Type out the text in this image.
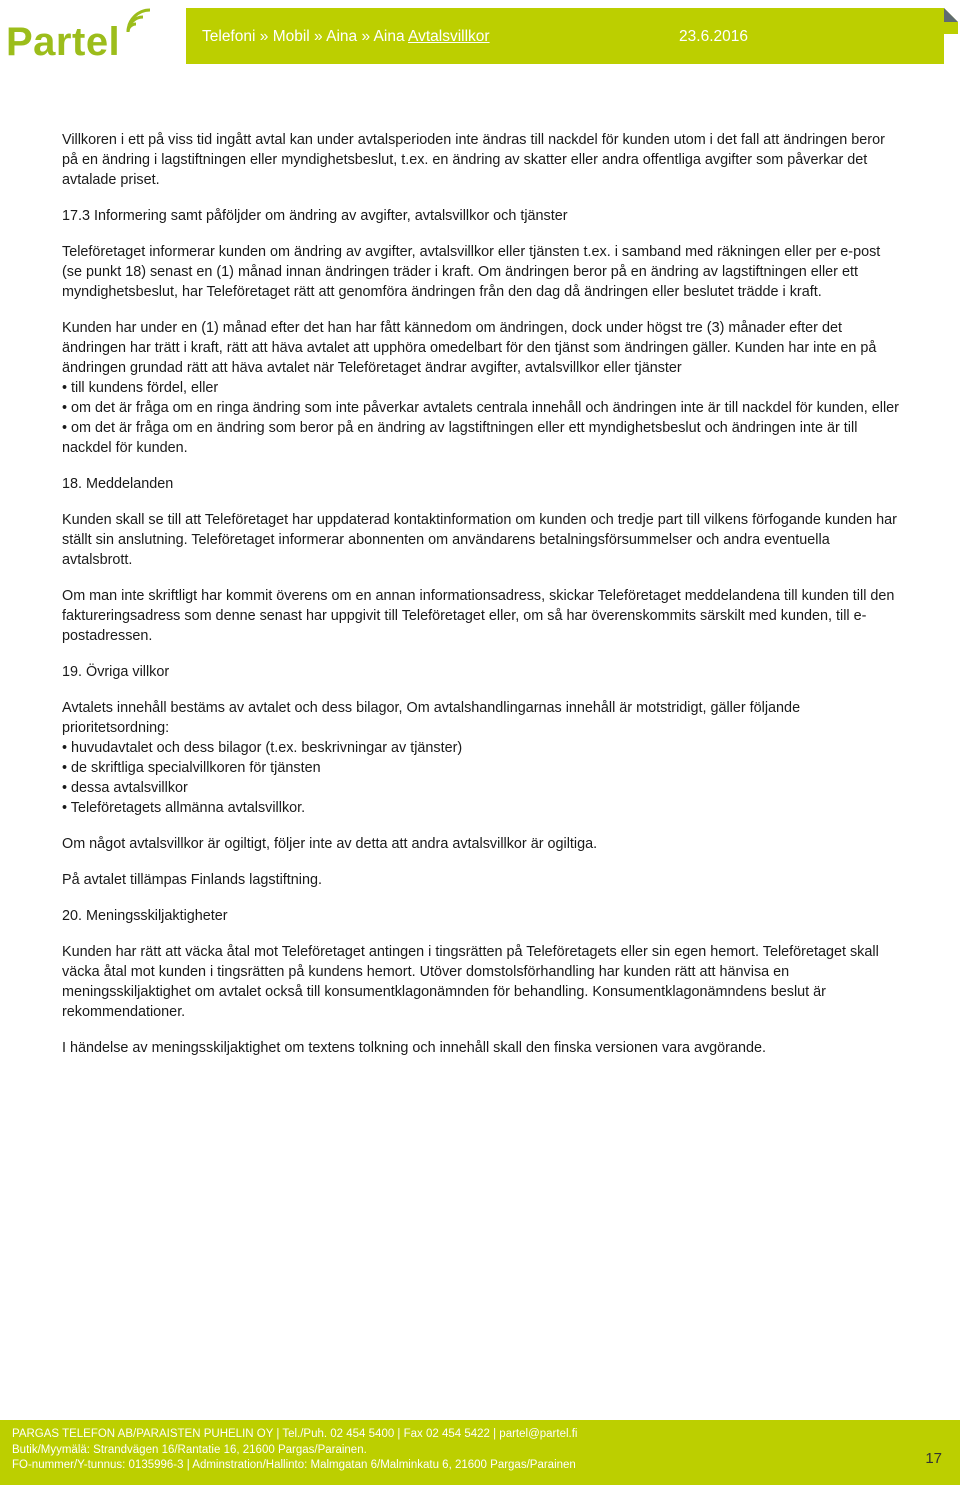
Partel	Telefoni » Mobil » Aina » Aina Avtalsvillkor	23.6.2016

Villkoren i ett på viss tid ingått avtal kan under avtalsperioden inte ändras till nackdel för kunden utom i det fall att ändringen beror på en ändring i lagstiftningen eller myndighetsbeslut, t.ex. en ändring av skatter eller andra offentliga avgifter som påverkar det avtalade priset.

17.3 Informering samt påföljder om ändring av avgifter, avtalsvillkor och tjänster

Teleföretaget informerar kunden om ändring av avgifter, avtalsvillkor eller tjänsten t.ex. i samband med räkningen eller per e-post (se punkt 18) senast en (1) månad innan ändringen träder i kraft. Om ändringen beror på en ändring av lagstiftningen eller ett myndighetsbeslut, har Teleföretaget rätt att genomföra ändringen från den dag då ändringen eller beslutet trädde i kraft.

Kunden har under en (1) månad efter det han har fått kännedom om ändringen, dock under högst tre (3) månader efter det ändringen har trätt i kraft, rätt att häva avtalet att upphöra omedelbart för den tjänst som ändringen gäller. Kunden har inte en på ändringen grundad rätt att häva avtalet när Teleföretaget ändrar avgifter, avtalsvillkor eller tjänster

• till kundens fördel, eller

• om det är fråga om en ringa ändring som inte påverkar avtalets centrala innehåll och ändringen inte är till nackdel för kunden, eller

• om det är fråga om en ändring som beror på en ändring av lagstiftningen eller ett myndighetsbeslut och ändringen inte är till nackdel för kunden.

18. Meddelanden

Kunden skall se till att Teleföretaget har uppdaterad kontaktinformation om kunden och tredje part till vilkens förfogande kunden har ställt sin anslutning. Teleföretaget informerar abonnenten om användarens betalningsförsummelser och andra eventuella avtalsbrott.

Om man inte skriftligt har kommit överens om en annan informationsadress, skickar Teleföretaget meddelandena till kunden till den faktureringsadress som denne senast har uppgivit till Teleföretaget eller, om så har överenskommits särskilt med kunden, till e-postadressen.

19. Övriga villkor

Avtalets innehåll bestäms av avtalet och dess bilagor, Om avtalshandlingarnas innehåll är motstridigt, gäller följande prioritetsordning:

• huvudavtalet och dess bilagor (t.ex. beskrivningar av tjänster)

• de skriftliga specialvillkoren för tjänsten

• dessa avtalsvillkor

• Teleföretagets allmänna avtalsvillkor.

Om något avtalsvillkor är ogiltigt, följer inte av detta att andra avtalsvillkor är ogiltiga.

På avtalet tillämpas Finlands lagstiftning.

20. Meningsskiljaktigheter

Kunden har rätt att väcka åtal mot Teleföretaget antingen i tingsrätten på Teleföretagets eller sin egen hemort. Teleföretaget skall väcka åtal mot kunden i tingsrätten på kundens hemort. Utöver domstolsförhandling har kunden rätt att hänvisa en meningsskiljaktighet om avtalet också till konsumentklagonämnden för behandling. Konsumentklagonämndens beslut är rekommendationer.

I händelse av meningsskiljaktighet om textens tolkning och innehåll skall den finska versionen vara avgörande.

PARGAS TELEFON AB/PARAISTEN PUHELIN OY | Tel./Puh. 02 454 5400 | Fax 02 454 5422 | partel@partel.fi
Butik/Myymälä: Strandvägen 16/Rantatie 16, 21600 Pargas/Parainen.
FO-nummer/Y-tunnus: 0135996-3 | Adminstration/Hallinto: Malmgatan 6/Malminkatu 6, 21600 Pargas/Parainen	17
